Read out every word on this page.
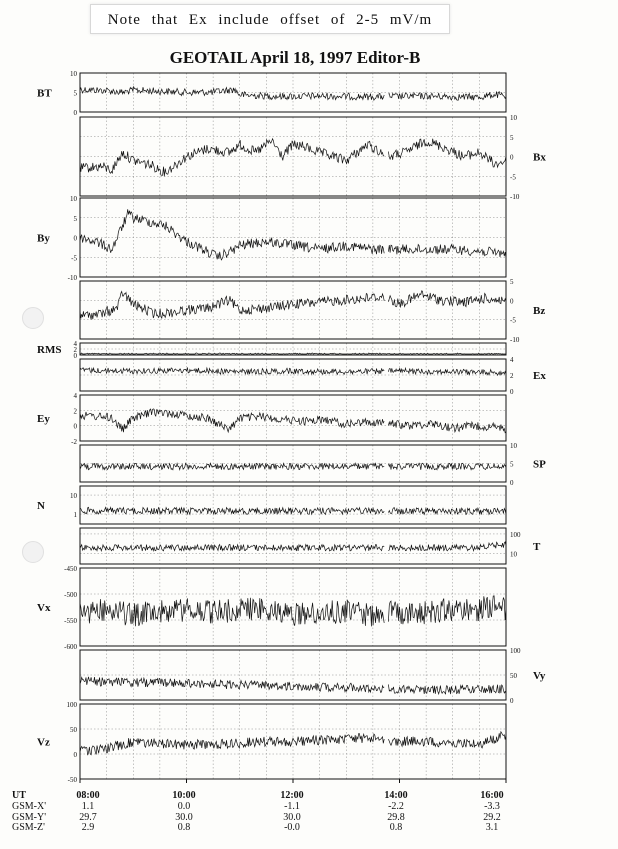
Note that Ex include offset of 2-5 mV/m
GEOTAIL April 18, 1997 Editor-B
10
5
0
BT
10
5
0
-5
-10
Bx
10
5
0
-5
-10
By
5
0
-5
-10
Bz
4
2
0
RMS
4
2
0
Ex
4
2
0
-2
Ey
10
5
0
SP
10
1
N
100
10
T
-450
-500
-550
-600
Vx
100
50
0
Vy
100
50
0
-50
Vz
UT	08:00	10:00	12:00	14:00	16:00
GSM-X'	1.1	0.0	-1.1	-2.2	-3.3
GSM-Y'	29.7	30.0	30.0	29.8	29.2
GSM-Z'	2.9	0.8	-0.0	0.8	3.1
